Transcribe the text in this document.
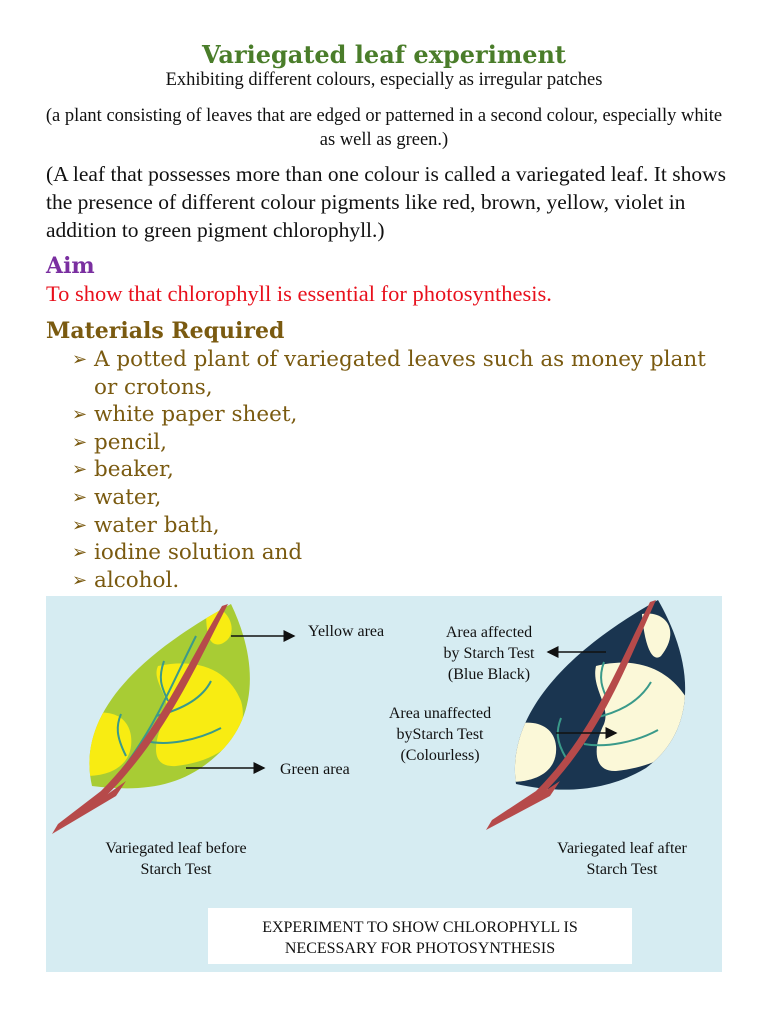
Variegated leaf experiment
Exhibiting different colours, especially as irregular patches
(a plant consisting of leaves that are edged or patterned in a second colour, especially white as well as green.)
(A leaf that possesses more than one colour is called a variegated leaf. It shows the presence of different colour pigments like red, brown, yellow, violet in addition to green pigment chlorophyll.)
Aim
To show that chlorophyll is essential for photosynthesis.
Materials Required
➢ A potted plant of variegated leaves such as money plant or crotons,
➢ white paper sheet,
➢ pencil,
➢ beaker,
➢ water,
➢ water bath,
➢ iodine solution and
➢ alcohol.
Yellow area
Green area
Variegated leaf before
Starch Test
Area affected
by Starch Test
(Blue Black)
Area unaffected
byStarch Test
(Colourless)
Variegated leaf after
Starch Test
EXPERIMENT TO SHOW CHLOROPHYLL IS
NECESSARY FOR PHOTOSYNTHESIS
